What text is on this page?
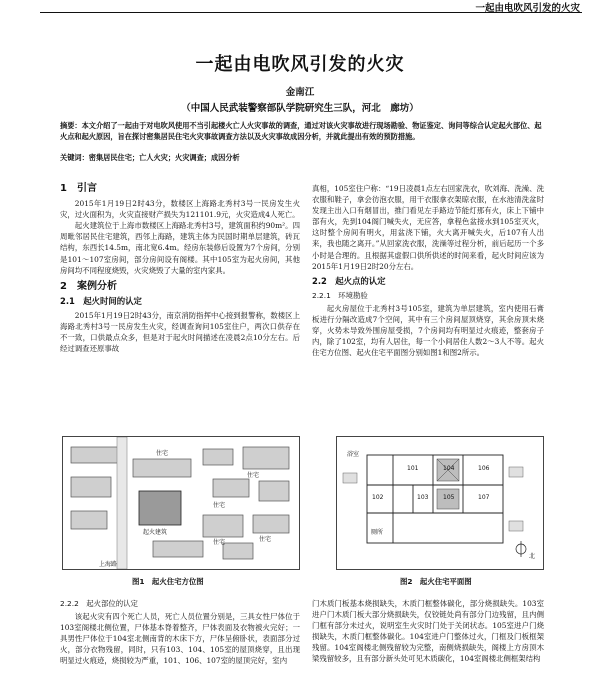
一起由电吹风引发的火灾
一起由电吹风引发的火灾
金南江
（中国人民武装警察部队学院研究生三队，河北　廊坊）
摘要：本文介绍了一起由于对电吹风使用不当引起楼火亡人火灾事故的调查，通过对该火灾事故进行现场勘验、物证鉴定、询问等综合认定起火部位、起火点和起火原因，旨在探讨密集居民住宅火灾事故调查方法以及火灾事故成因分析，并就此提出有效的预防措施。
关键词：密集居民住宅；亡人火灾；火灾调查；成因分析
1　引言

2015年1月19日2时43分，数楼区上海路北秀村3号一民房发生火灾，过火面积为，火灾直接财产损失为121101.9元，火灾造成4人死亡。

起火建筑位于上海市数楼区上海路北秀村3号，建筑面积约90m²。四周毗邻居民住宅建筑，西邻上海路，建筑主体为民国时期单层建筑，砖瓦结构，东西长14.5m，南北宽6.4m。经房东装修后设置为7个房间，分别是101～107室房间，部分房间设有阁楼。其中105室为起火房间，其他房间均不同程度烧毁，火灾烧毁了大量的室内家具。

2　案例分析
2.1　起火时间的认定

2015年1月19日2时43分，南京消防指挥中心接到报警称，数楼区上海路北秀村3号一民房发生火灾，经调查询问105室住户，两次口供存在不一致，口供最点众多，但是对于起火时间描述在凌晨2点10分左右。后经过调查还原事故

真相，105室住户称：“19日凌晨1点左右回家洗衣，吹刘海、洗澡、洗衣服和鞋子，拿会彷泡衣服，用干衣服拿衣架晾衣服，在水池清洗盆时发现主出入口有烟冒出，推门看见左手路边节能灯那有火，床上下铺中部有火，先到104阁门喊失火，无应答，拿程色盆接水到105室灭火，这时整个房间有明火，用盆浇下铺，火大离开喊失火，后107有人出来，我也随之离开。”从回家洗衣服，洗澡等过程分析，前后起历一个多小时是合理的。且根据其虚假口供所供述的时间来看，起火时间应该为2015年1月19日2时20分左右。

2.2　起火点的认定
2.2.1　环境勘验

起火房屋位于北秀村3号105室，建筑为单层建筑，室内使用石膏板进行分隔改造成7个空间，其中有三个房间屋顶烧穿，其余房顶未烧穿，火势未导致外围房屋受损，7个房间均有明显过火痕迹，整套房子内，除了102室，均有人居住，每一个小间居住人数2～3人不等。起火住宅方位图、起火住宅平面图分别如图1和图2所示。

住宅
住宅
住宅
起火建筑
住宅	住宅
上海路
图1　起火住宅方位图
浴室
101	104	106
102	103 105	107
厕所
北
图2　起火住宅平面图
2.2.2　起火部位的认定

该起火灾有四个死亡人员，死亡人员位置分别是，三具女性尸体位于103室阁楼北侧位置，尸体基本脊着整齐，尸体表面及衣物被火完好；一具男性尸体位于104室北侧南背的木床下方，尸体呈俯卧状，表面部分过火，部分衣物残留，同时，只有103、104、105室的屋顶烧穿，且出现明显过火痕迹，烧损较为严重，101、106、107室的屋顶完好，室内

门木质门板基本烧损缺失，木质门框整体碳化，部分烧损缺失。103室进户门木质门板大部分烧损缺失，仅铰链处尚有部分门边残留，且内侧门框有部分未过火，说明室生火灾时门处于关闭状态。105室进户门烧损缺失，木质门框整体碳化。104室进户门整体过火，门框及门板框架残留。104室阁楼北侧残留较为完整，南侧烧损缺失，阁楼上方房顶木梁残留较多，且有部分新头处可见木质碳化，104室阁楼北侧框架结构
